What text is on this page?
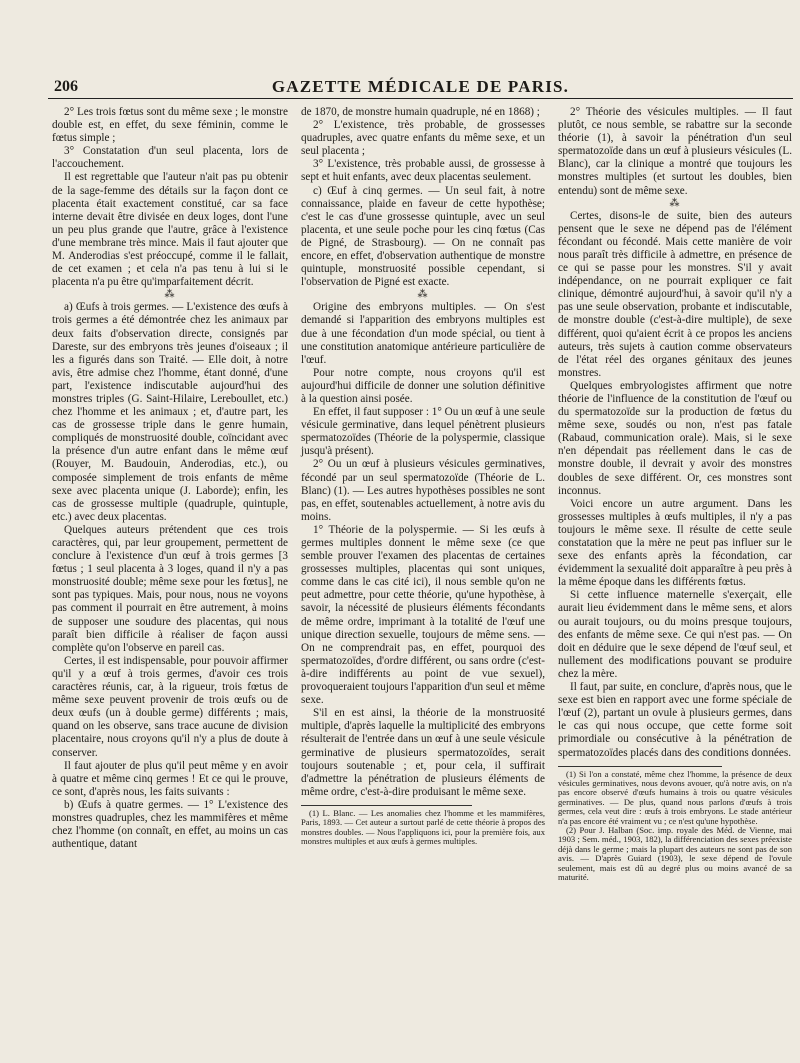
206	GAZETTE MÉDICALE DE PARIS.

2° Les trois fœtus sont du même sexe ; le monstre double est, en effet, du sexe féminin, comme le fœtus simple ;

3° Constatation d'un seul placenta, lors de l'accouchement.

Il est regrettable que l'auteur n'ait pas pu obtenir de la sage-femme des détails sur la façon dont ce placenta était exactement constitué, car sa face interne devait être divisée en deux loges, dont l'une un peu plus grande que l'autre, grâce à l'existence d'une membrane très mince. Mais il faut ajouter que M. Anderodias s'est préoccupé, comme il le fallait, de cet examen ; et cela n'a pas tenu à lui si le placenta n'a pu être qu'imparfaitement décrit.

⁂

a) Œufs à trois germes. — L'existence des œufs à trois germes a été démontrée chez les animaux par deux faits d'observation directe, consignés par Dareste, sur des embryons très jeunes d'oiseaux ; il les a figurés dans son Traité. — Elle doit, à notre avis, être admise chez l'homme, étant donné, d'une part, l'existence indiscutable aujourd'hui des monstres triples (G. Saint-Hilaire, Lereboullet, etc.) chez l'homme et les animaux ; et, d'autre part, les cas de grossesse triple dans le genre humain, compliqués de monstruosité double, coïncidant avec la présence d'un autre enfant dans le même œuf (Rouyer, M. Baudouin, Anderodias, etc.), ou composée simplement de trois enfants de même sexe avec placenta unique (J. Laborde); enfin, les cas de grossesse multiple (quadruple, quintuple, etc.) avec deux placentas.

Quelques auteurs prétendent que ces trois caractères, qui, par leur groupement, permettent de conclure à l'existence d'un œuf à trois germes [3 fœtus ; 1 seul placenta à 3 loges, quand il n'y a pas monstruosité double; même sexe pour les fœtus], ne sont pas typiques. Mais, pour nous, nous ne voyons pas comment il pourrait en être autrement, à moins de supposer une soudure des placentas, qui nous paraît bien difficile à réaliser de façon aussi complète qu'on l'observe en pareil cas.

Certes, il est indispensable, pour pouvoir affirmer qu'il y a œuf à trois germes, d'avoir ces trois caractères réunis, car, à la rigueur, trois fœtus de même sexe peuvent provenir de trois œufs ou de deux œufs (un à double germe) différents ; mais, quand on les observe, sans trace aucune de division placentaire, nous croyons qu'il n'y a plus de doute à conserver.

Il faut ajouter de plus qu'il peut même y en avoir à quatre et même cinq germes ! Et ce qui le prouve, ce sont, d'après nous, les faits suivants :

b) Œufs à quatre germes. — 1° L'existence des monstres quadruples, chez les mammifères et même chez l'homme (on connaît, en effet, au moins un cas authentique, datant

de 1870, de monstre humain quadruple, né en 1868) ;

2° L'existence, très probable, de grossesses quadruples, avec quatre enfants du même sexe, et un seul placenta ;

3° L'existence, très probable aussi, de grossesse à sept et huit enfants, avec deux placentas seulement.

c) Œuf à cinq germes. — Un seul fait, à notre connaissance, plaide en faveur de cette hypothèse; c'est le cas d'une grossesse quintuple, avec un seul placenta, et une seule poche pour les cinq fœtus (Cas de Pigné, de Strasbourg). — On ne connaît pas encore, en effet, d'observation authentique de monstre quintuple, monstruosité possible cependant, si l'observation de Pigné est exacte.

⁂

Origine des embryons multiples. — On s'est demandé si l'apparition des embryons multiples est due à une fécondation d'un mode spécial, ou tient à une constitution anatomique antérieure particulière de l'œuf.

Pour notre compte, nous croyons qu'il est aujourd'hui difficile de donner une solution définitive à la question ainsi posée.

En effet, il faut supposer : 1° Ou un œuf à une seule vésicule germinative, dans lequel pénètrent plusieurs spermatozoïdes (Théorie de la polyspermie, classique jusqu'à présent).

2° Ou un œuf à plusieurs vésicules germinatives, fécondé par un seul spermatozoïde (Théorie de L. Blanc) (1). — Les autres hypothèses possibles ne sont pas, en effet, soutenables actuellement, à notre avis du moins.

1° Théorie de la polyspermie. — Si les œufs à germes multiples donnent le même sexe (ce que semble prouver l'examen des placentas de certaines grossesses multiples, placentas qui sont uniques, comme dans le cas cité ici), il nous semble qu'on ne peut admettre, pour cette théorie, qu'une hypothèse, à savoir, la nécessité de plusieurs éléments fécondants de même ordre, imprimant à la totalité de l'œuf une unique direction sexuelle, toujours de même sens. — On ne comprendrait pas, en effet, pourquoi des spermatozoïdes, d'ordre différent, ou sans ordre (c'est-à-dire indifférents au point de vue sexuel), provoqueraient toujours l'apparition d'un seul et même sexe.

S'il en est ainsi, la théorie de la monstruosité multiple, d'après laquelle la multiplicité des embryons résulterait de l'entrée dans un œuf à une seule vésicule germinative de plusieurs spermatozoïdes, serait toujours soutenable ; et, pour cela, il suffirait d'admettre la pénétration de plusieurs éléments de même ordre, c'est-à-dire produisant le même sexe.

(1) L. Blanc. — Les anomalies chez l'homme et les mammifères, Paris, 1893. — Cet auteur a surtout parlé de cette théorie à propos des monstres doubles. — Nous l'appliquons ici, pour la première fois, aux monstres multiples et aux œufs à germes multiples.

2° Théorie des vésicules multiples. — Il faut plutôt, ce nous semble, se rabattre sur la seconde théorie (1), à savoir la pénétration d'un seul spermatozoïde dans un œuf à plusieurs vésicules (L. Blanc), car la clinique a montré que toujours les monstres multiples (et surtout les doubles, bien entendu) sont de même sexe.

⁂

Certes, disons-le de suite, bien des auteurs pensent que le sexe ne dépend pas de l'élément fécondant ou fécondé. Mais cette manière de voir nous paraît très difficile à admettre, en présence de ce qui se passe pour les monstres. S'il y avait indépendance, on ne pourrait expliquer ce fait clinique, démontré aujourd'hui, à savoir qu'il n'y a pas une seule observation, probante et indiscutable, de monstre double (c'est-à-dire multiple), de sexe différent, quoi qu'aient écrit à ce propos les anciens auteurs, très sujets à caution comme observateurs de l'état réel des organes génitaux des jeunes monstres.

Quelques embryologistes affirment que notre théorie de l'influence de la constitution de l'œuf ou du spermatozoïde sur la production de fœtus du même sexe, soudés ou non, n'est pas fatale (Rabaud, communication orale). Mais, si le sexe n'en dépendait pas réellement dans le cas de monstre double, il devrait y avoir des monstres doubles de sexe différent. Or, ces monstres sont inconnus.

Voici encore un autre argument. Dans les grossesses multiples à œufs multiples, il n'y a pas toujours le même sexe. Il résulte de cette seule constatation que la mère ne peut pas influer sur le sexe des enfants après la fécondation, car évidemment la sexualité doit apparaître à peu près à la même époque dans les différents fœtus.

Si cette influence maternelle s'exerçait, elle aurait lieu évidemment dans le même sens, et alors ou aurait toujours, ou du moins presque toujours, des enfants de même sexe. Ce qui n'est pas. — On doit en déduire que le sexe dépend de l'œuf seul, et nullement des modifications pouvant se produire chez la mère.

Il faut, par suite, en conclure, d'après nous, que le sexe est bien en rapport avec une forme spéciale de l'œuf (2), partant un ovule à plusieurs germes, dans le cas qui nous occupe, que cette forme soit primordiale ou consécutive à la pénétration de spermatozoïdes placés dans des conditions données.

(1) Si l'on a constaté, même chez l'homme, la présence de deux vésicules germinatives, nous devons avouer, qu'à notre avis, on n'a pas encore observé d'œufs humains à trois ou quatre vésicules germinatives. — De plus, quand nous parlons d'œufs à trois germes, cela veut dire : œufs à trois embryons. Le stade antérieur n'a pas encore été vraiment vu ; ce n'est qu'une hypothèse.

(2) Pour J. Halban (Soc. imp. royale des Méd. de Vienne, mai 1903 ; Sem. méd., 1903, 182), la différenciation des sexes préexiste déjà dans le germe ; mais la plupart des auteurs ne sont pas de son avis. — D'après Guiard (1903), le sexe dépend de l'ovule seulement, mais est dû au degré plus ou moins avancé de sa maturité.
